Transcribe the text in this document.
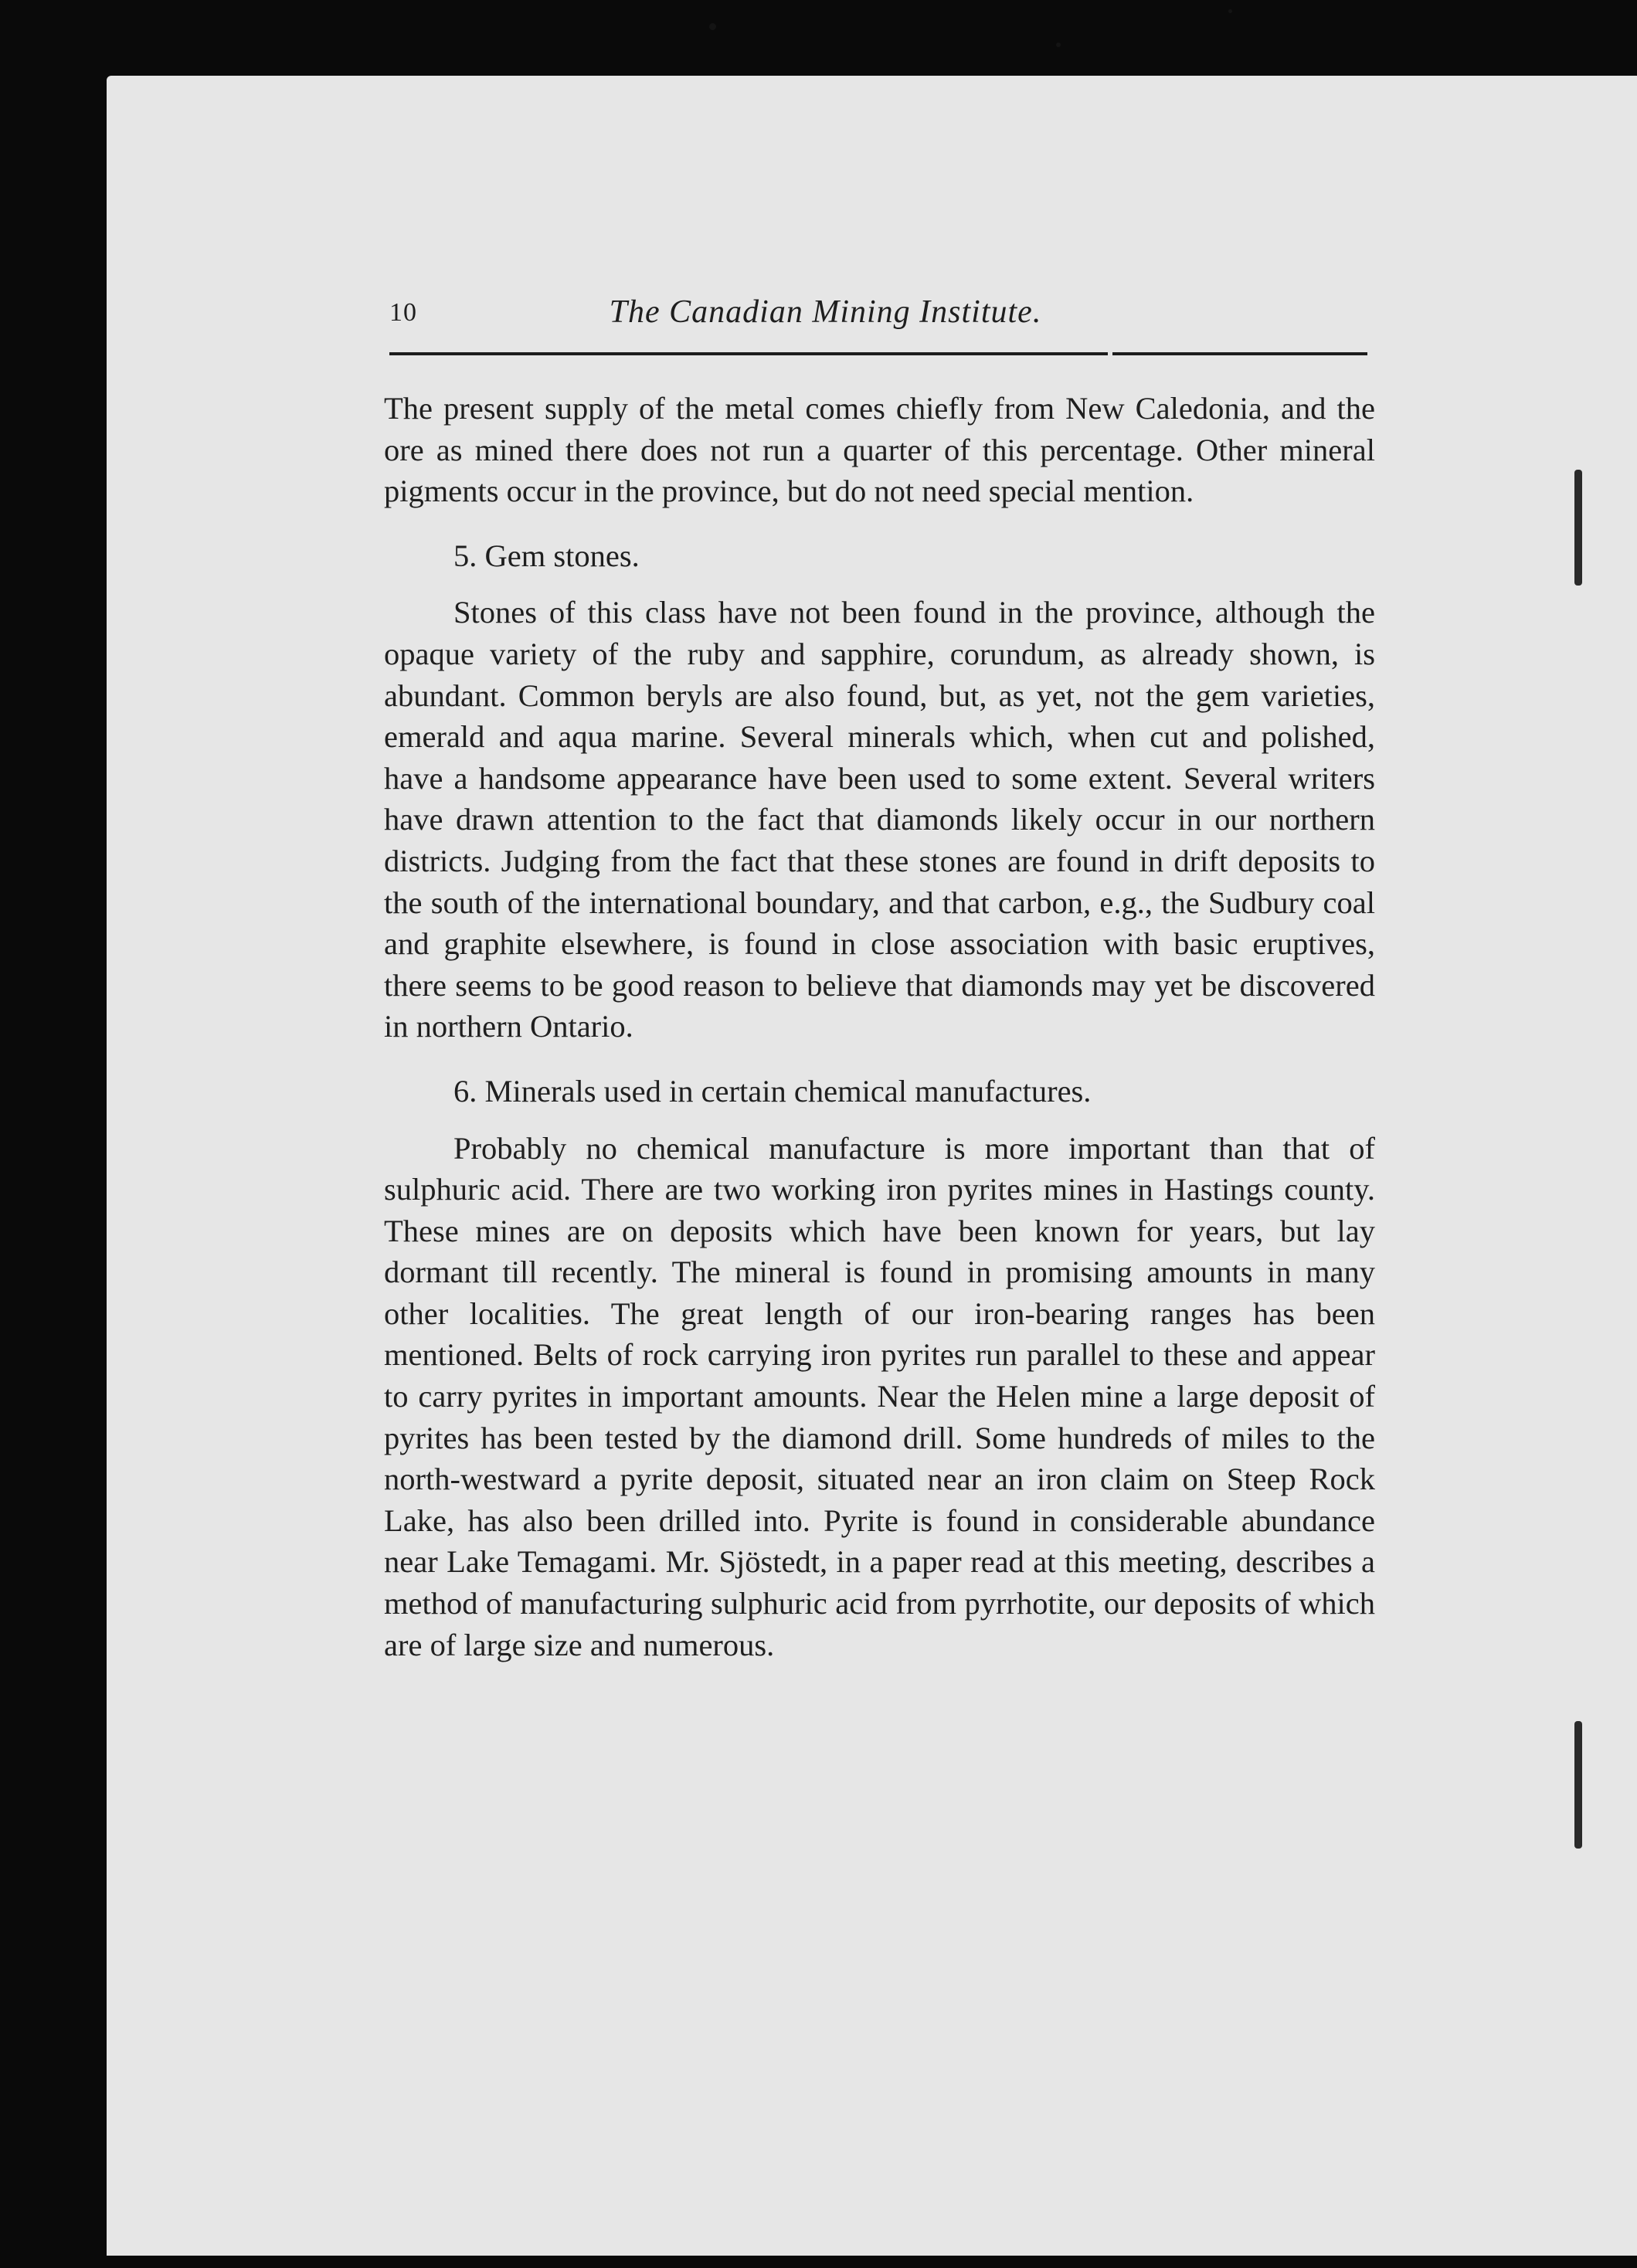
10	The Canadian Mining Institute.

The present supply of the metal comes chiefly from New Caledonia, and the ore as mined there does not run a quarter of this percentage. Other mineral pigments occur in the province, but do not need special mention.

5. Gem stones.

Stones of this class have not been found in the province, although the opaque variety of the ruby and sapphire, corundum, as already shown, is abundant. Common beryls are also found, but, as yet, not the gem varieties, emerald and aqua marine. Several minerals which, when cut and polished, have a handsome appearance have been used to some extent. Several writers have drawn attention to the fact that diamonds likely occur in our northern districts. Judging from the fact that these stones are found in drift deposits to the south of the international boundary, and that carbon, e.g., the Sudbury coal and graphite elsewhere, is found in close association with basic eruptives, there seems to be good reason to believe that diamonds may yet be discovered in northern Ontario.

6. Minerals used in certain chemical manufactures.

Probably no chemical manufacture is more important than that of sulphuric acid. There are two working iron pyrites mines in Hastings county. These mines are on deposits which have been known for years, but lay dormant till recently. The mineral is found in promising amounts in many other localities. The great length of our iron-bearing ranges has been mentioned. Belts of rock carrying iron pyrites run parallel to these and appear to carry pyrites in important amounts. Near the Helen mine a large deposit of pyrites has been tested by the diamond drill. Some hundreds of miles to the north-westward a pyrite deposit, situated near an iron claim on Steep Rock Lake, has also been drilled into. Pyrite is found in considerable abundance near Lake Temagami. Mr. Sjöstedt, in a paper read at this meeting, describes a method of manufacturing sulphuric acid from pyrrhotite, our deposits of which are of large size and numerous.
